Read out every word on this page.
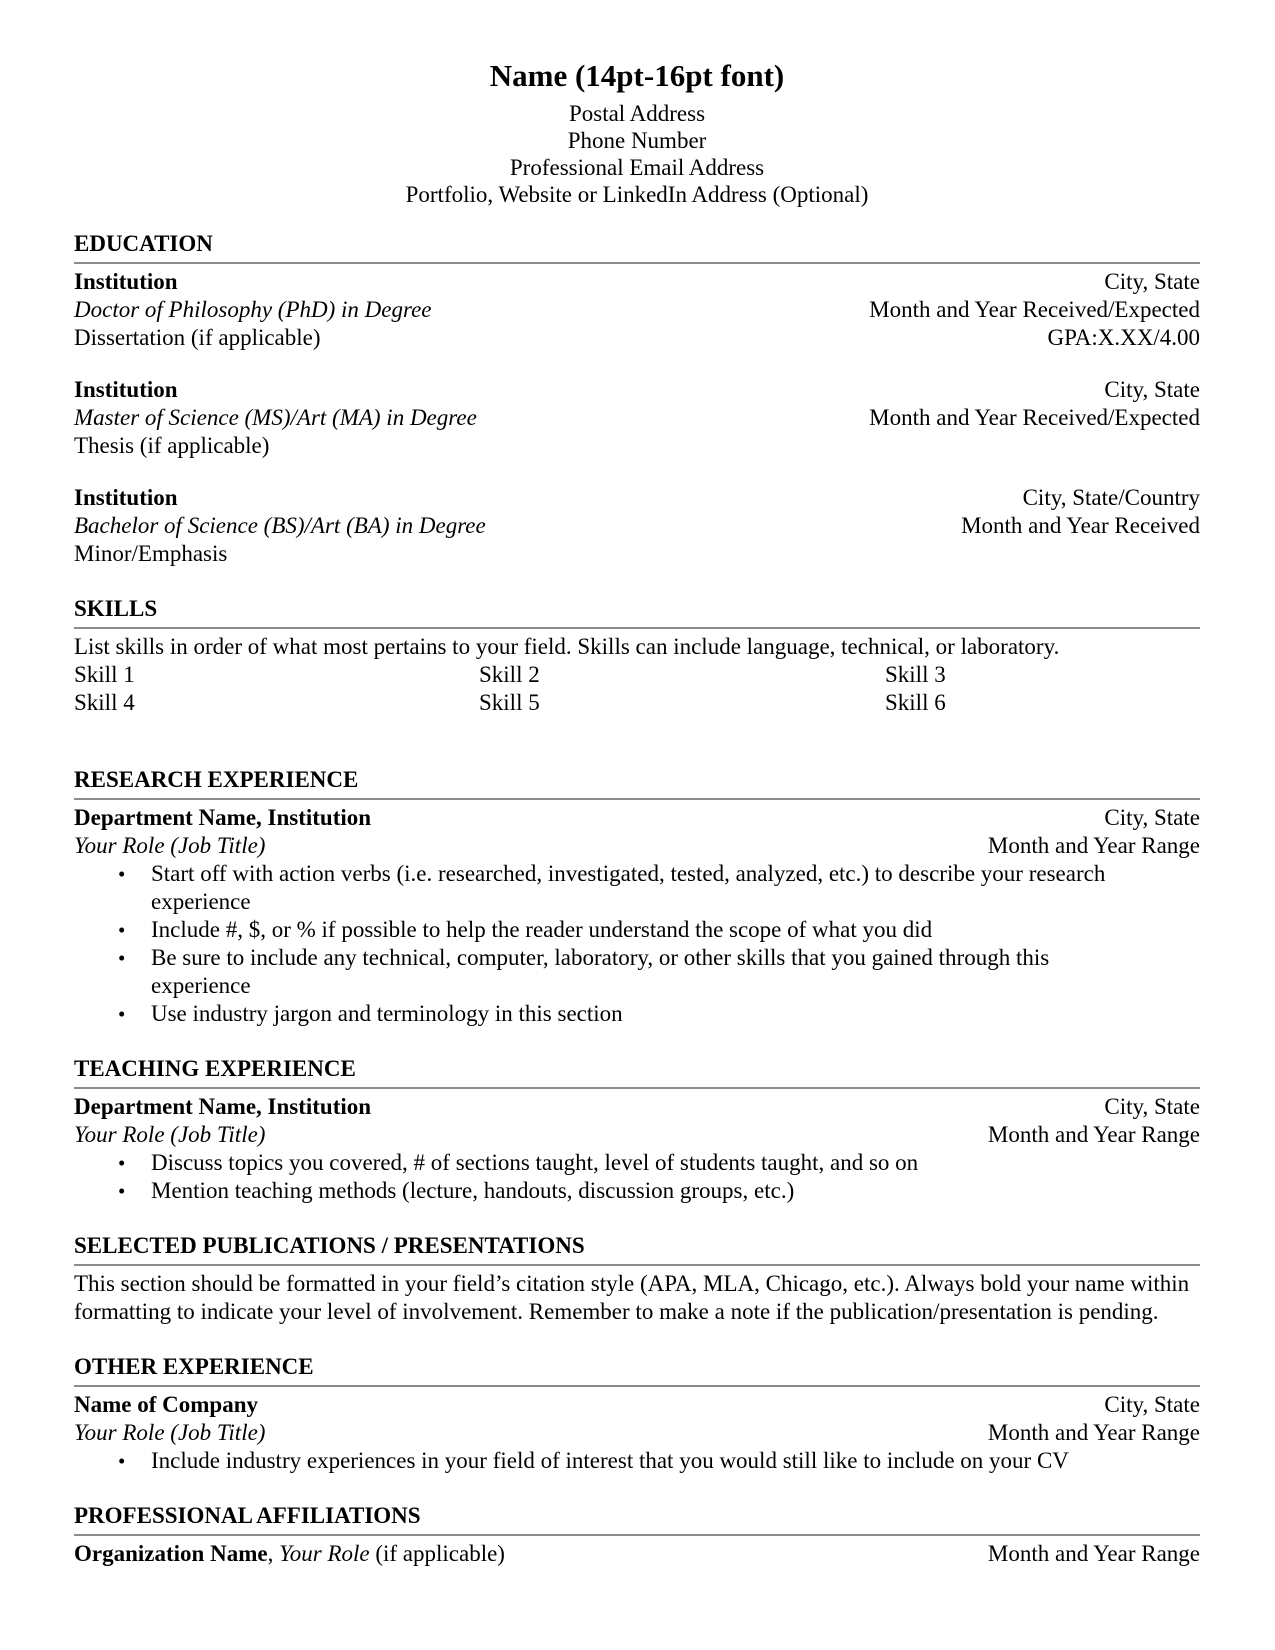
Name (14pt-16pt font)
Postal Address
Phone Number
Professional Email Address
Portfolio, Website or LinkedIn Address (Optional)
EDUCATION
Institution	City, State
Doctor of Philosophy (PhD) in Degree	Month and Year Received/Expected
Dissertation (if applicable)	GPA:X.XX/4.00
Institution	City, State
Master of Science (MS)/Art (MA) in Degree	Month and Year Received/Expected
Thesis (if applicable)
Institution	City, State/Country
Bachelor of Science (BS)/Art (BA) in Degree	Month and Year Received
Minor/Emphasis
SKILLS
List skills in order of what most pertains to your field. Skills can include language, technical, or laboratory.
Skill 1	Skill 2	Skill 3
Skill 4	Skill 5	Skill 6
RESEARCH EXPERIENCE
Department Name, Institution	City, State
Your Role (Job Title)	Month and Year Range
• Start off with action verbs (i.e. researched, investigated, tested, analyzed, etc.) to describe your research experience
• Include #, $, or % if possible to help the reader understand the scope of what you did
• Be sure to include any technical, computer, laboratory, or other skills that you gained through this experience
• Use industry jargon and terminology in this section
TEACHING EXPERIENCE
Department Name, Institution	City, State
Your Role (Job Title)	Month and Year Range
• Discuss topics you covered, # of sections taught, level of students taught, and so on
• Mention teaching methods (lecture, handouts, discussion groups, etc.)
SELECTED PUBLICATIONS / PRESENTATIONS
This section should be formatted in your field’s citation style (APA, MLA, Chicago, etc.). Always bold your name within formatting to indicate your level of involvement. Remember to make a note if the publication/presentation is pending.
OTHER EXPERIENCE
Name of Company	City, State
Your Role (Job Title)	Month and Year Range
• Include industry experiences in your field of interest that you would still like to include on your CV
PROFESSIONAL AFFILIATIONS
Organization Name, Your Role (if applicable)	Month and Year Range
